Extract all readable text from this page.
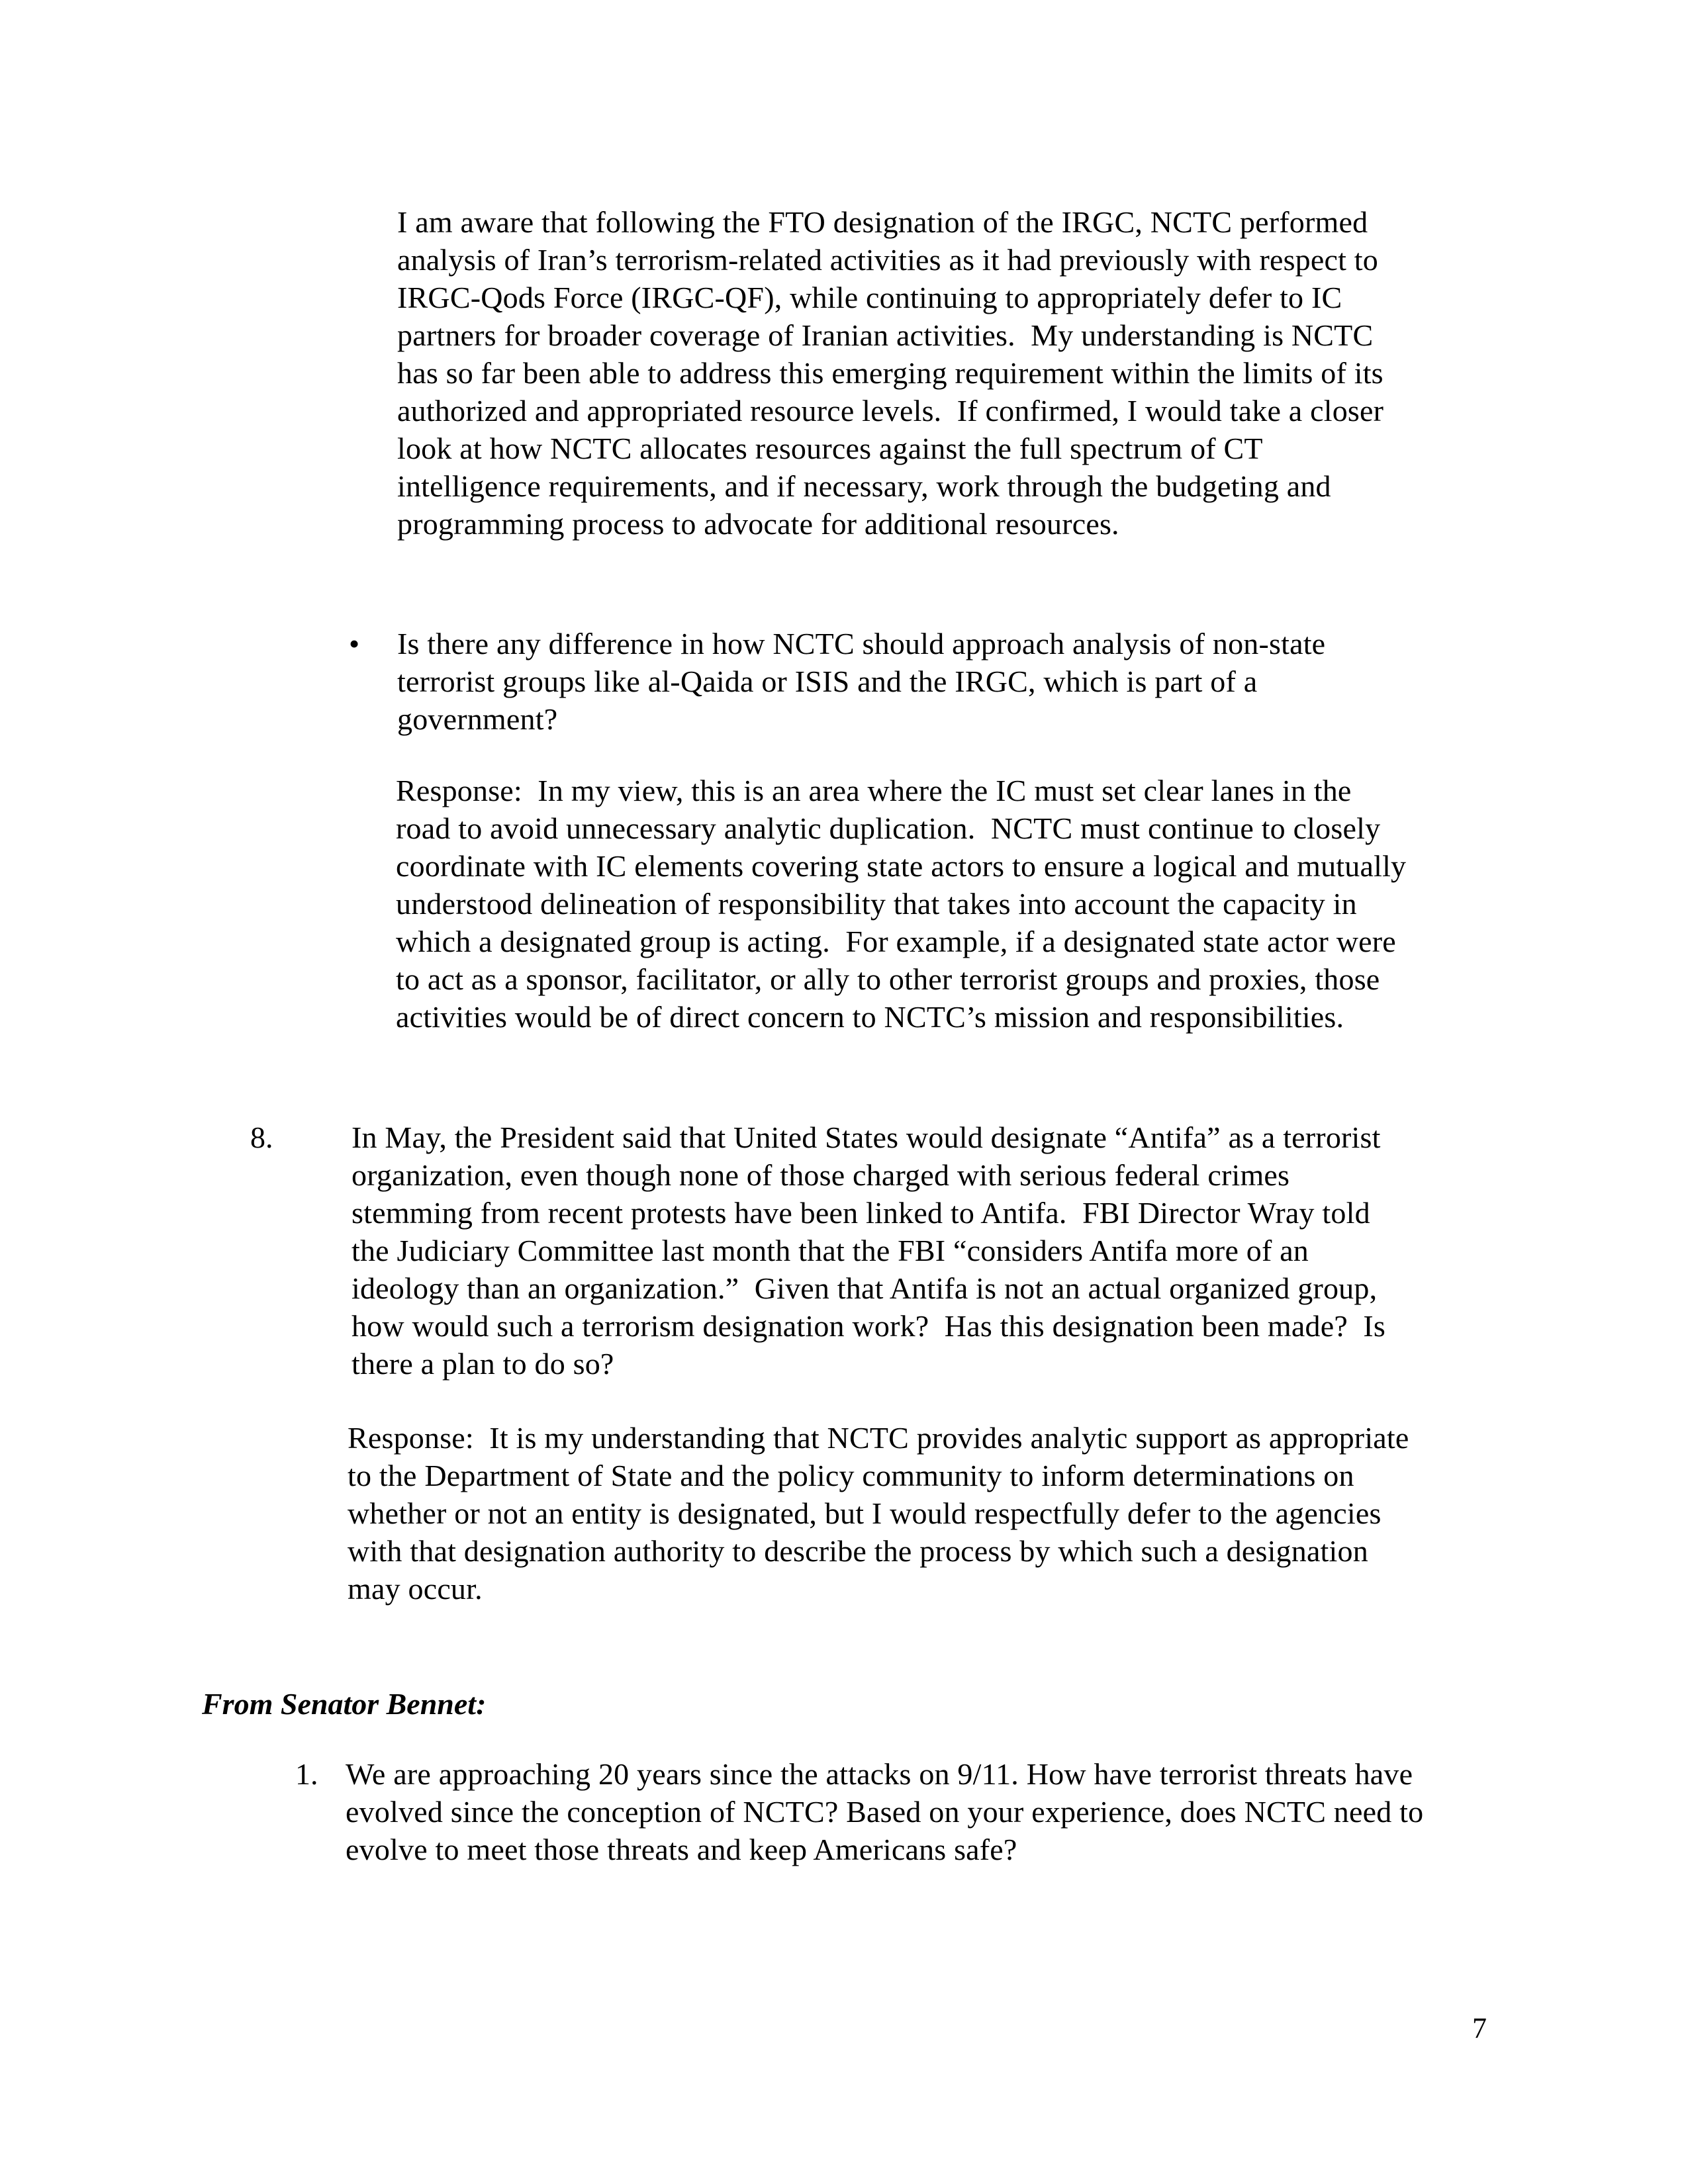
I am aware that following the FTO designation of the IRGC, NCTC performed
analysis of Iran’s terrorism-related activities as it had previously with respect to
IRGC-Qods Force (IRGC-QF), while continuing to appropriately defer to IC
partners for broader coverage of Iranian activities.  My understanding is NCTC
has so far been able to address this emerging requirement within the limits of its
authorized and appropriated resource levels.  If confirmed, I would take a closer
look at how NCTC allocates resources against the full spectrum of CT
intelligence requirements, and if necessary, work through the budgeting and
programming process to advocate for additional resources.
• Is there any difference in how NCTC should approach analysis of non-state
terrorist groups like al-Qaida or ISIS and the IRGC, which is part of a
government?
Response:  In my view, this is an area where the IC must set clear lanes in the
road to avoid unnecessary analytic duplication.  NCTC must continue to closely
coordinate with IC elements covering state actors to ensure a logical and mutually
understood delineation of responsibility that takes into account the capacity in
which a designated group is acting.  For example, if a designated state actor were
to act as a sponsor, facilitator, or ally to other terrorist groups and proxies, those
activities would be of direct concern to NCTC’s mission and responsibilities.
8.	In May, the President said that United States would designate “Antifa” as a terrorist
organization, even though none of those charged with serious federal crimes
stemming from recent protests have been linked to Antifa.  FBI Director Wray told
the Judiciary Committee last month that the FBI “considers Antifa more of an
ideology than an organization.”  Given that Antifa is not an actual organized group,
how would such a terrorism designation work?  Has this designation been made?  Is
there a plan to do so?
Response:  It is my understanding that NCTC provides analytic support as appropriate
to the Department of State and the policy community to inform determinations on
whether or not an entity is designated, but I would respectfully defer to the agencies
with that designation authority to describe the process by which such a designation
may occur.
From Senator Bennet:
1. We are approaching 20 years since the attacks on 9/11. How have terrorist threats have
evolved since the conception of NCTC? Based on your experience, does NCTC need to
evolve to meet those threats and keep Americans safe?
7
